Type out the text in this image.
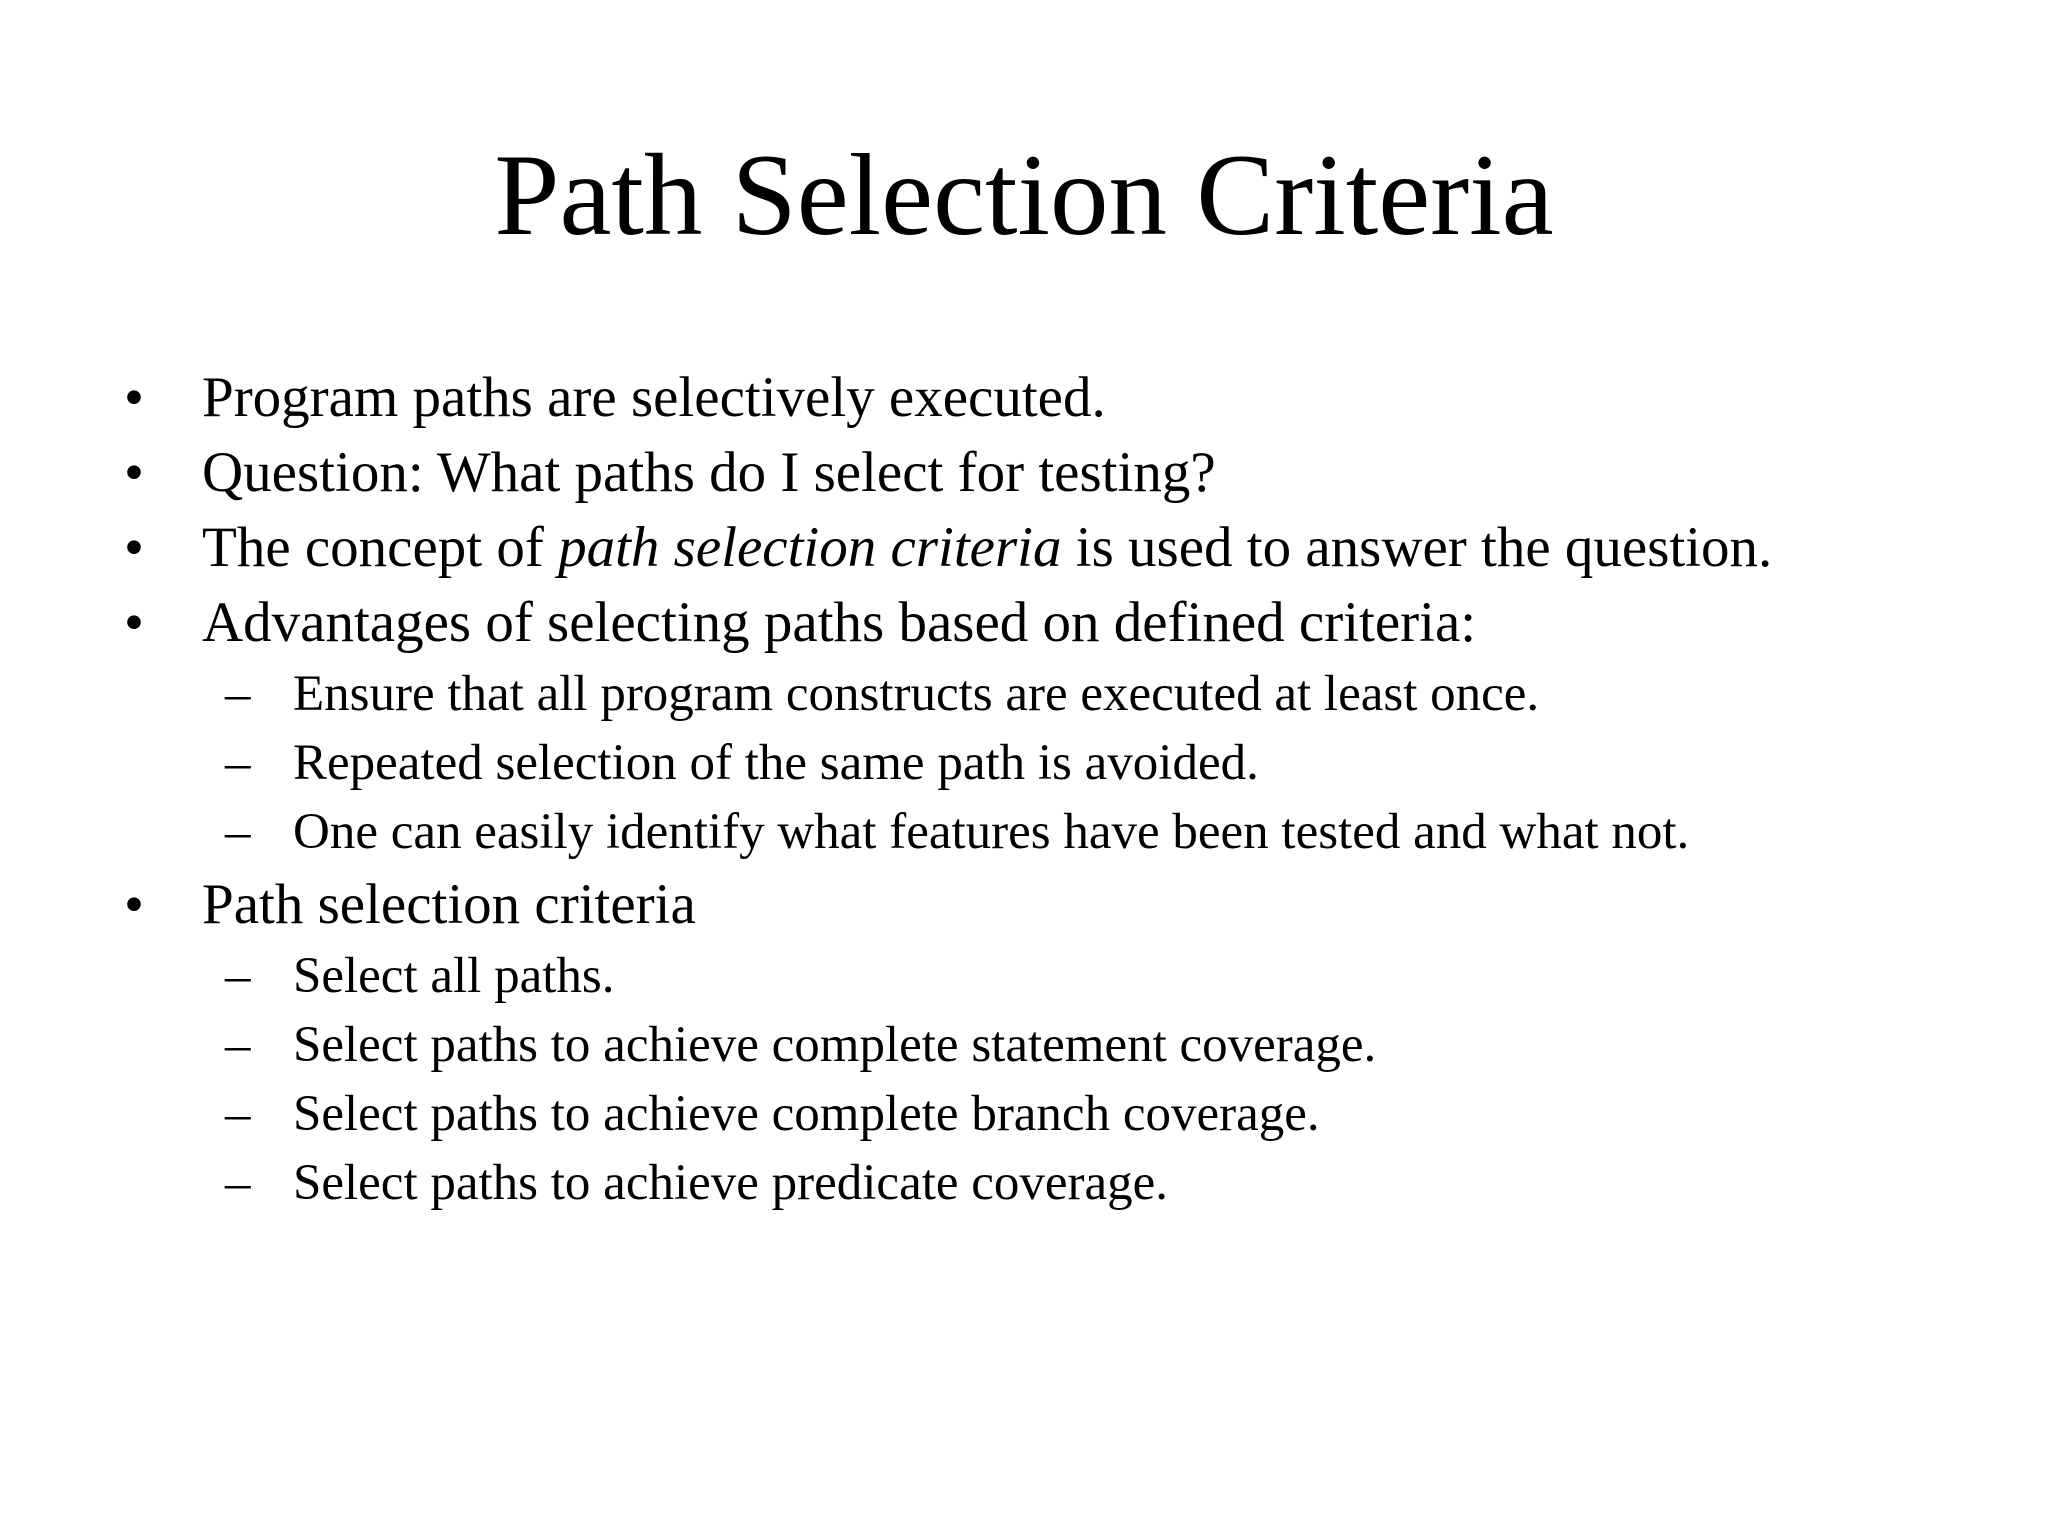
Path Selection Criteria
• Program paths are selectively executed.
• Question: What paths do I select for testing?
• The concept of path selection criteria is used to answer the question.
• Advantages of selecting paths based on defined criteria:
– Ensure that all program constructs are executed at least once.
– Repeated selection of the same path is avoided.
– One can easily identify what features have been tested and what not.
• Path selection criteria
– Select all paths.
– Select paths to achieve complete statement coverage.
– Select paths to achieve complete branch coverage.
– Select paths to achieve predicate coverage.
